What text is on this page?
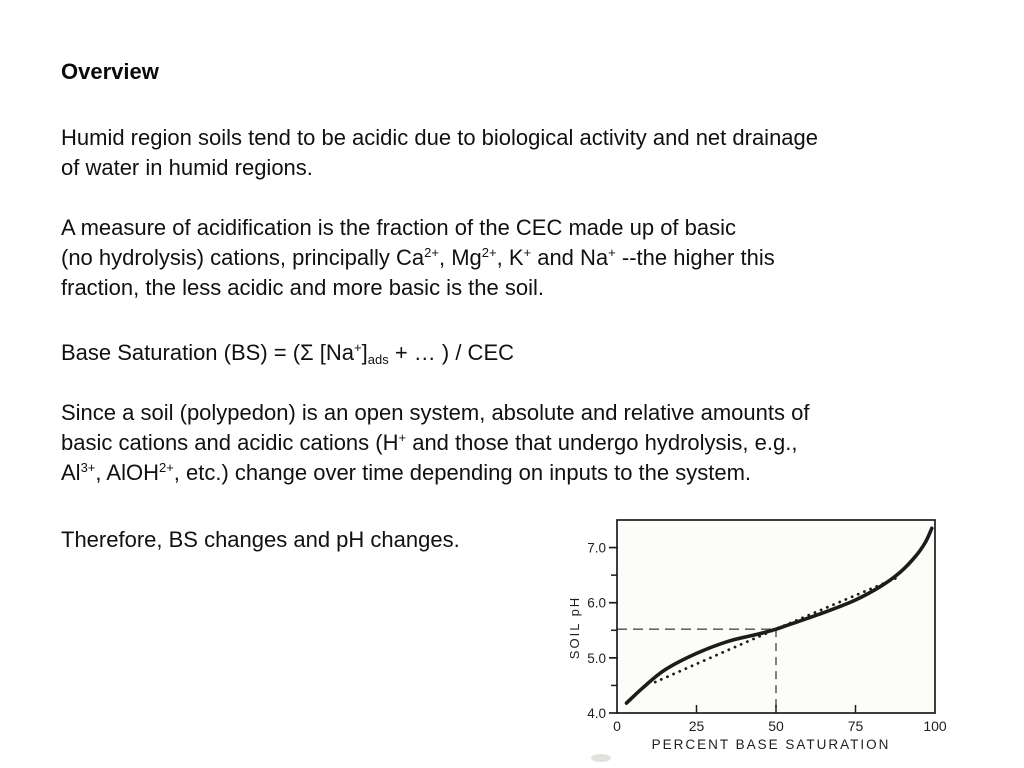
Overview
Humid region soils tend to be acidic due to biological activity and net drainage
of water in humid regions.
A measure of acidification is the fraction of the CEC made up of basic
(no hydrolysis) cations, principally $Ca^{2+}$, $Mg^{2+}$, K+ and Na+ --the higher this
fraction, the less acidic and more basic is the soil.
Base Saturation (BS) = (Σ $[Na^+]_{ads}$ + … ) / CEC
Since a soil (polypedon) is an open system, absolute and relative amounts of
basic cations and acidic cations (H+ and those that undergo hydrolysis, e.g.,
$Al^{3+}$, AlOH$^{2+}$, etc.) change over time depending on inputs to the system.
Therefore, BS changes and pH changes.
4.0
5.0
6.0
7.0
0	25	50	75	100
PERCENT BASE SATURATION
SOIL pH
